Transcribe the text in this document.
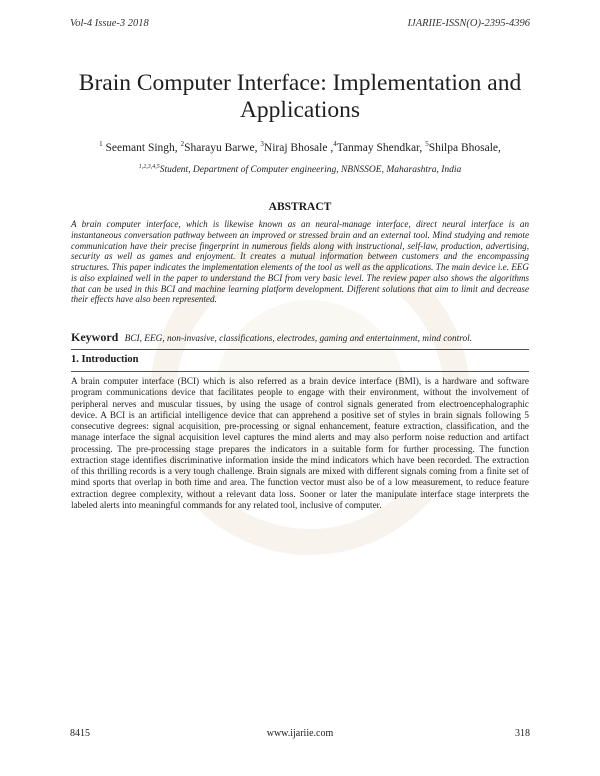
Vol-4 Issue-3 2018	IJARIIE-ISSN(O)-2395-4396
Brain Computer Interface: Implementation and Applications
$^1$ Seemant Singh, $^2$Sharayu Barwe, $^3$Niraj Bhosale ,$^4$Tanmay Shendkar, $^5$Shilpa Bhosale,
$^{1,2,3,4,5}$Student, Department of Computer engineering, NBNSSOE, Maharashtra, India
ABSTRACT
A brain computer interface, which is likewise known as an neural-manage interface, direct neural interface is an instantaneous conversation pathway between an improved or stressed brain and an external tool. Mind studying and remote communication have their precise fingerprint in numerous fields along with instructional, self-law, production, advertising, security as well as games and enjoyment. It creates a mutual information between customers and the encompassing structures. This paper indicates the implementation elements of the tool as well as the applications. The main device i.e. EEG is also explained well in the paper to understand the BCI from very basic level. The review paper also shows the algorithms that can be used in this BCI and machine learning platform development. Different solutions that aim to limit and decrease their effects have also been represented.
Keyword BCI, EEG, non-invasive, classifications, electrodes, gaming and entertainment, mind control.
1. Introduction
A brain computer interface (BCI) which is also referred as a brain device interface (BMI), is a hardware and software program communications device that facilitates people to engage with their environment, without the involvement of peripheral nerves and muscular tissues, by using the usage of control signals generated from electroencephalographic device. A BCI is an artificial intelligence device that can apprehend a positive set of styles in brain signals following 5 consecutive degrees: signal acquisition, pre-processing or signal enhancement, feature extraction, classification, and the manage interface the signal acquisition level captures the mind alerts and may also perform noise reduction and artifact processing. The pre-processing stage prepares the indicators in a suitable form for further processing. The function extraction stage identifies discriminative information inside the mind indicators which have been recorded. The extraction of this thrilling records is a very tough challenge. Brain signals are mixed with different signals coming from a finite set of mind sports that overlap in both time and area. The function vector must also be of a low measurement, to reduce feature extraction degree complexity, without a relevant data loss. Sooner or later the manipulate interface stage interprets the labeled alerts into meaningful commands for any related tool, inclusive of computer.
8415	www.ijariie.com	318
